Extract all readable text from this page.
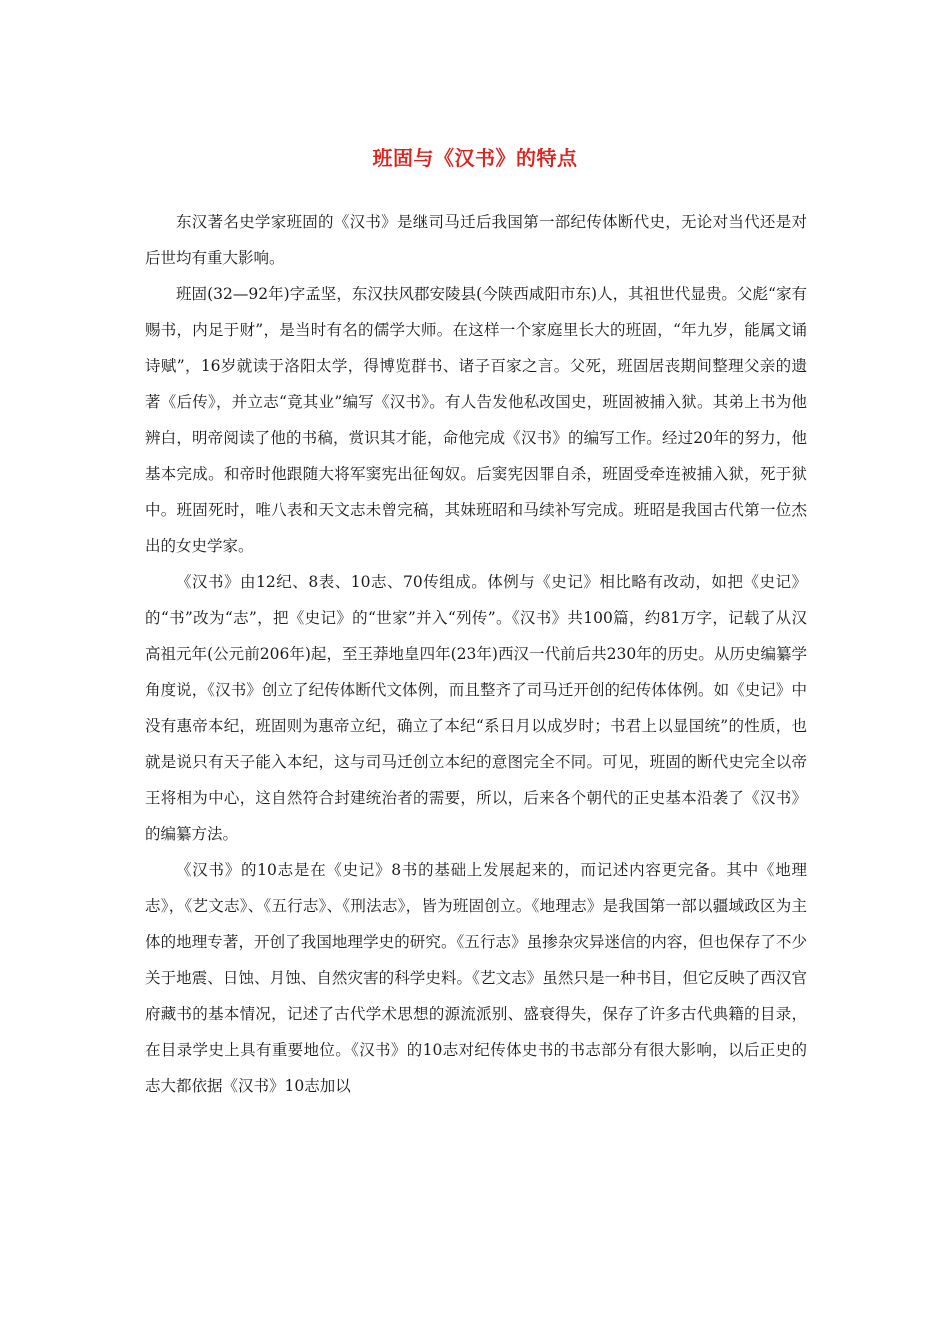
班固与《汉书》的特点

东汉著名史学家班固的《汉书》是继司马迁后我国第一部纪传体断代史，无论对当代还是对后世均有重大影响。

班固(32—92年)字孟坚，东汉扶风郡安陵县(今陕西咸阳市东)人，其祖世代显贵。父彪“家有赐书，内足于财”，是当时有名的儒学大师。在这样一个家庭里长大的班固，“年九岁，能属文诵诗赋”，16岁就读于洛阳太学，得博览群书、诸子百家之言。父死，班固居丧期间整理父亲的遗著《后传》，并立志“竟其业”编写《汉书》。有人告发他私改国史，班固被捕入狱。其弟上书为他辨白，明帝阅读了他的书稿，赏识其才能，命他完成《汉书》的编写工作。经过20年的努力，他基本完成。和帝时他跟随大将军窦宪出征匈奴。后窦宪因罪自杀，班固受牵连被捕入狱，死于狱中。班固死时，唯八表和天文志未曾完稿，其妹班昭和马续补写完成。班昭是我国古代第一位杰出的女史学家。

《汉书》由12纪、8表、10志、70传组成。体例与《史记》相比略有改动，如把《史记》的“书”改为“志”，把《史记》的“世家”并入“列传”。《汉书》共100篇，约81万字，记载了从汉高祖元年(公元前206年)起，至王莽地皇四年(23年)西汉一代前后共230年的历史。从历史编纂学角度说，《汉书》创立了纪传体断代文体例，而且整齐了司马迁开创的纪传体体例。如《史记》中没有惠帝本纪，班固则为惠帝立纪，确立了本纪“系日月以成岁时；书君上以显国统”的性质，也就是说只有天子能入本纪，这与司马迁创立本纪的意图完全不同。可见，班固的断代史完全以帝王将相为中心，这自然符合封建统治者的需要，所以，后来各个朝代的正史基本沿袭了《汉书》的编纂方法。

《汉书》的10志是在《史记》8书的基础上发展起来的，而记述内容更完备。其中《地理志》，《艺文志》、《五行志》、《刑法志》，皆为班固创立。《地理志》是我国第一部以疆域政区为主体的地理专著，开创了我国地理学史的研究。《五行志》虽掺杂灾异迷信的内容，但也保存了不少关于地震、日蚀、月蚀、自然灾害的科学史料。《艺文志》虽然只是一种书目，但它反映了西汉官府藏书的基本情况，记述了古代学术思想的源流派别、盛衰得失，保存了许多古代典籍的目录，在目录学史上具有重要地位。《汉书》的10志对纪传体史书的书志部分有很大影响，以后正史的志大都依据《汉书》10志加以
